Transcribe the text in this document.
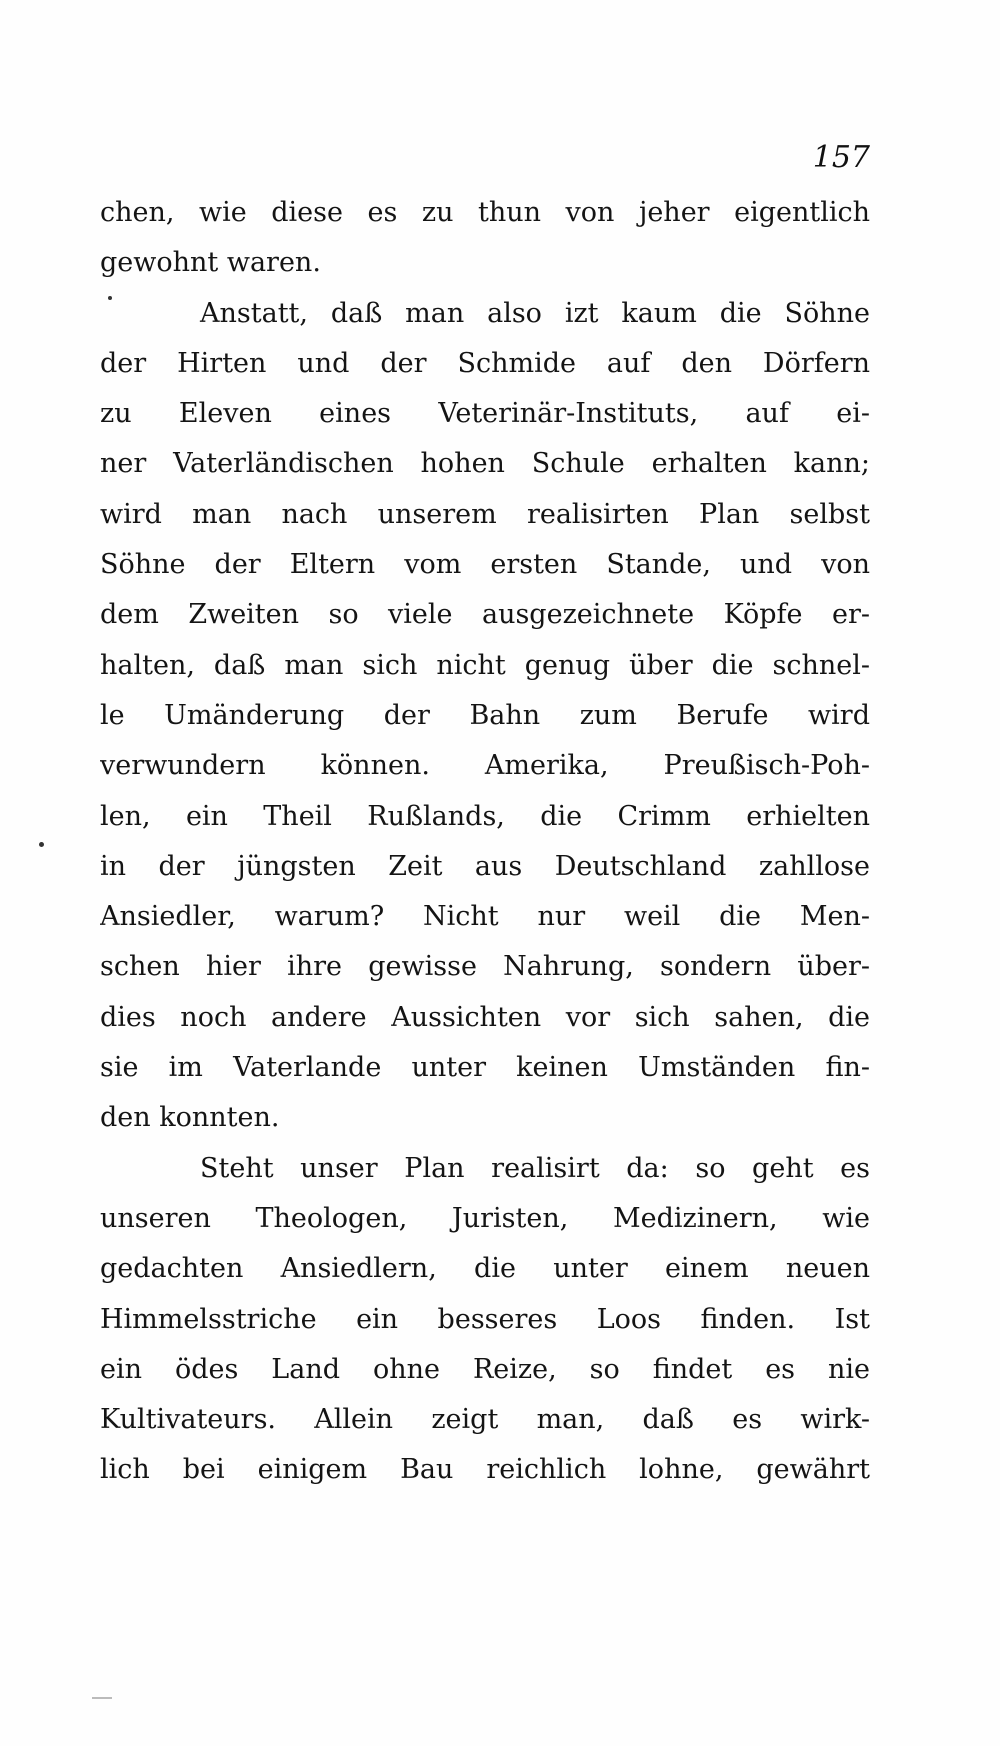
157
chen, wie diese es zu thun von jeher eigentlich
gewohnt waren.
Anstatt, daß man also izt kaum die Söhne
der Hirten und der Schmide auf den Dörfern
zu Eleven eines Veterinär-Instituts, auf ei-
ner Vaterländischen hohen Schule erhalten kann;
wird man nach unserem realisirten Plan selbst
Söhne der Eltern vom ersten Stande, und von
dem Zweiten so viele ausgezeichnete Köpfe er-
halten, daß man sich nicht genug über die schnel-
le Umänderung der Bahn zum Berufe wird
verwundern können. Amerika, Preußisch-Poh-
len, ein Theil Rußlands, die Crimm erhielten
in der jüngsten Zeit aus Deutschland zahllose
Ansiedler, warum? Nicht nur weil die Men-
schen hier ihre gewisse Nahrung, sondern über-
dies noch andere Aussichten vor sich sahen, die
sie im Vaterlande unter keinen Umständen fin-
den konnten.
Steht unser Plan realisirt da: so geht es
unseren Theologen, Juristen, Medizinern, wie
gedachten Ansiedlern, die unter einem neuen
Himmelsstriche ein besseres Loos finden. Ist
ein ödes Land ohne Reize, so findet es nie
Kultivateurs. Allein zeigt man, daß es wirk-
lich bei einigem Bau reichlich lohne, gewährt
